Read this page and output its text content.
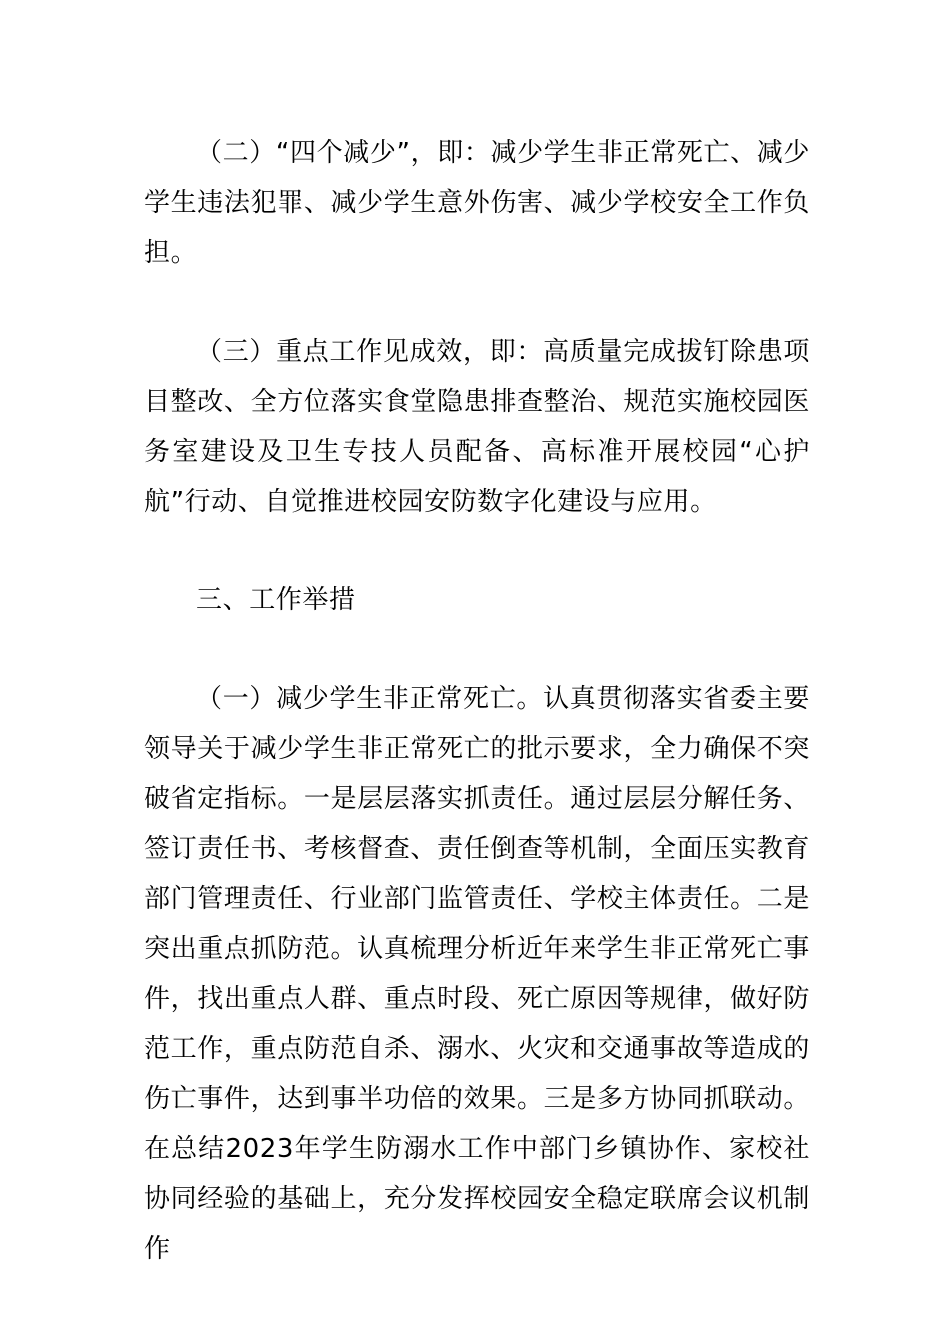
（二）“四个减少”，即：减少学生非正常死亡、减少学生违法犯罪、减少学生意外伤害、减少学校安全工作负担。

（三）重点工作见成效，即：高质量完成拔钉除患项目整改、全方位落实食堂隐患排查整治、规范实施校园医务室建设及卫生专技人员配备、高标准开展校园“心护航”行动、自觉推进校园安防数字化建设与应用。

三、工作举措

（一）减少学生非正常死亡。认真贯彻落实省委主要领导关于减少学生非正常死亡的批示要求，全力确保不突破省定指标。一是层层落实抓责任。通过层层分解任务、签订责任书、考核督查、责任倒查等机制，全面压实教育部门管理责任、行业部门监管责任、学校主体责任。二是突出重点抓防范。认真梳理分析近年来学生非正常死亡事件，找出重点人群、重点时段、死亡原因等规律，做好防范工作，重点防范自杀、溺水、火灾和交通事故等造成的伤亡事件，达到事半功倍的效果。三是多方协同抓联动。在总结2023年学生防溺水工作中部门乡镇协作、家校社协同经验的基础上，充分发挥校园安全稳定联席会议机制作
